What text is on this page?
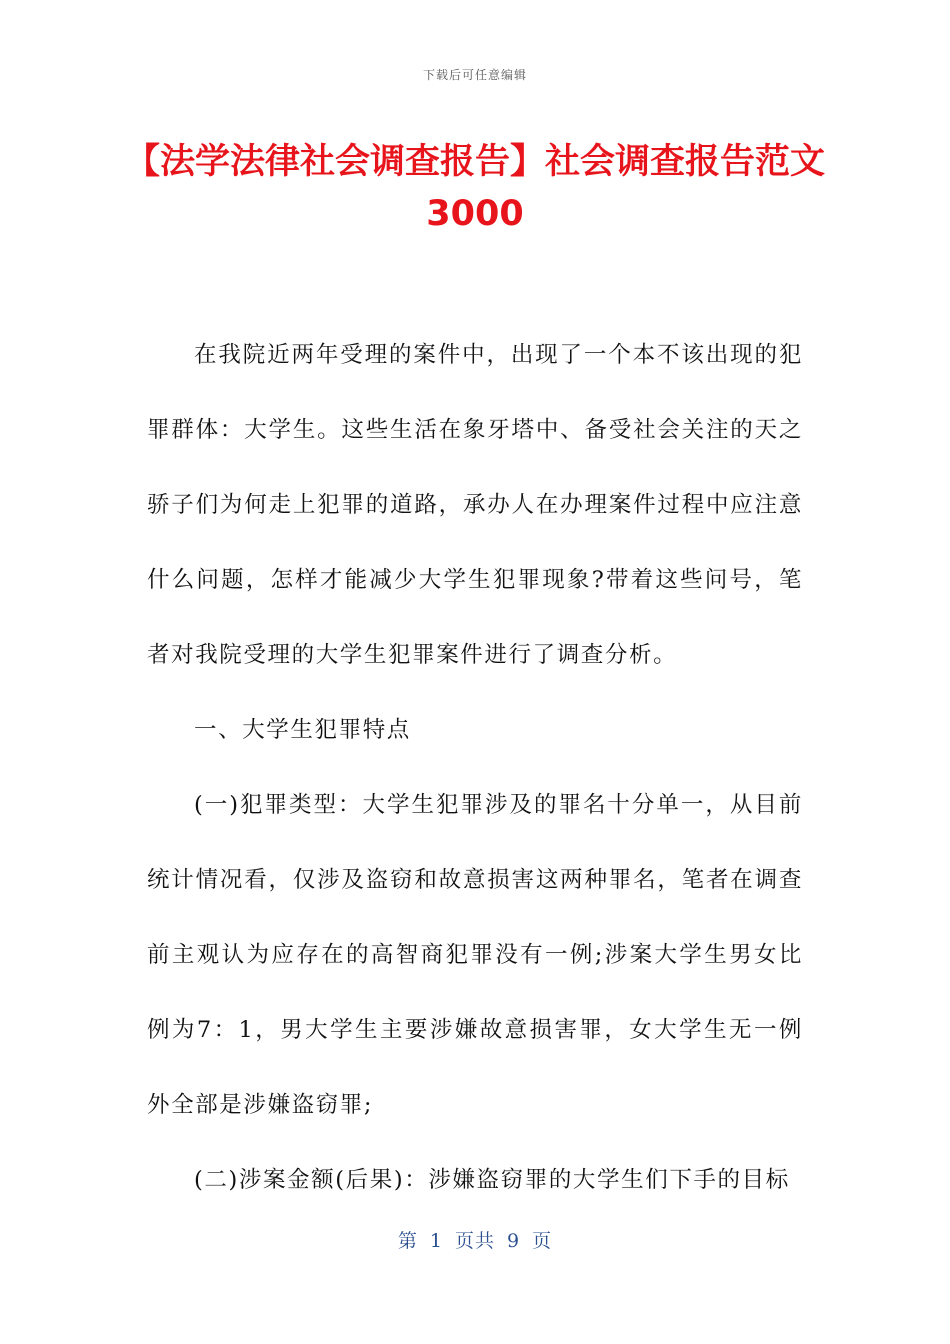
下载后可任意编辑
【法学法律社会调查报告】社会调查报告范文3000

在我院近两年受理的案件中，出现了一个本不该出现的犯罪群体：大学生。这些生活在象牙塔中、备受社会关注的天之骄子们为何走上犯罪的道路，承办人在办理案件过程中应注意什么问题，怎样才能减少大学生犯罪现象?带着这些问号，笔者对我院受理的大学生犯罪案件进行了调查分析。

一、大学生犯罪特点

(一)犯罪类型：大学生犯罪涉及的罪名十分单一，从目前统计情况看，仅涉及盗窃和故意损害这两种罪名，笔者在调查前主观认为应存在的高智商犯罪没有一例;涉案大学生男女比例为7：1，男大学生主要涉嫌故意损害罪，女大学生无一例外全部是涉嫌盗窃罪;

(二)涉案金额(后果)：涉嫌盗窃罪的大学生们下手的目标

第 1 页共 9 页
